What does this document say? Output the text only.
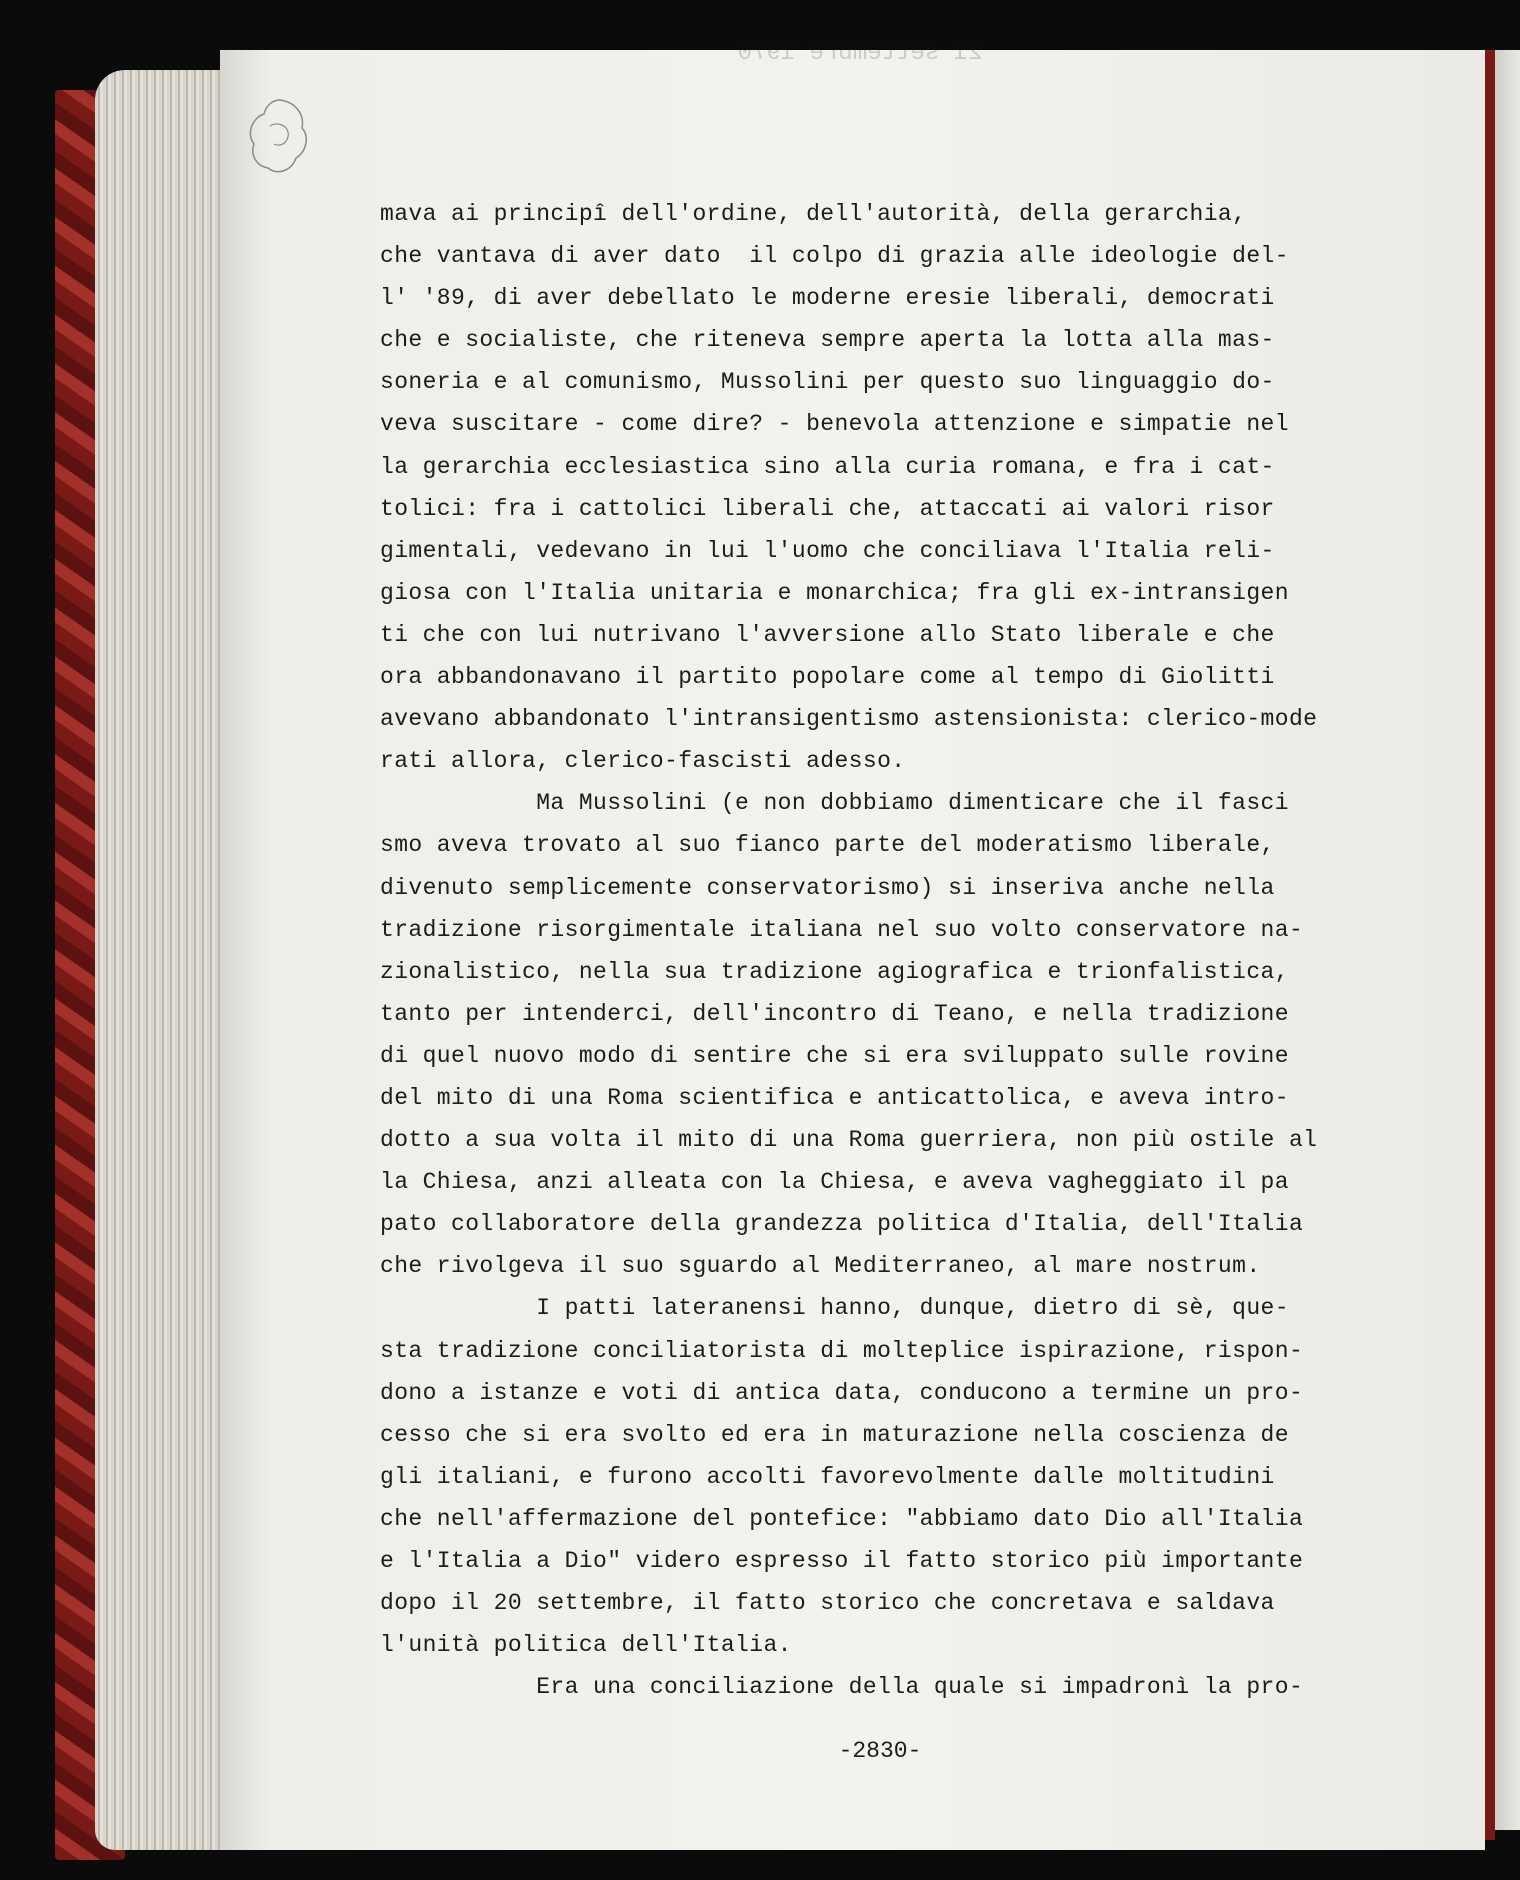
21 settembre 1970

mava ai principî dell'ordine, dell'autorità, della gerarchia,

che vantava di aver dato  il colpo di grazia alle ideologie del-

l' '89, di aver debellato le moderne eresie liberali, democrati

che e socialiste, che riteneva sempre aperta la lotta alla mas-

soneria e al comunismo, Mussolini per questo suo linguaggio do-

veva suscitare - come dire? - benevola attenzione e simpatie nel

la gerarchia ecclesiastica sino alla curia romana, e fra i cat-

tolici: fra i cattolici liberali che, attaccati ai valori risor

gimentali, vedevano in lui l'uomo che conciliava l'Italia reli-

giosa con l'Italia unitaria e monarchica; fra gli ex-intransigen

ti che con lui nutrivano l'avversione allo Stato liberale e che

ora abbandonavano il partito popolare come al tempo di Giolitti

avevano abbandonato l'intransigentismo astensionista: clerico-mode

rati allora, clerico-fascisti adesso.

Ma Mussolini (e non dobbiamo dimenticare che il fasci

smo aveva trovato al suo fianco parte del moderatismo liberale,

divenuto semplicemente conservatorismo) si inseriva anche nella

tradizione risorgimentale italiana nel suo volto conservatore na-

zionalistico, nella sua tradizione agiografica e trionfalistica,

tanto per intenderci, dell'incontro di Teano, e nella tradizione

di quel nuovo modo di sentire che si era sviluppato sulle rovine

del mito di una Roma scientifica e anticattolica, e aveva intro-

dotto a sua volta il mito di una Roma guerriera, non più ostile al

la Chiesa, anzi alleata con la Chiesa, e aveva vagheggiato il pa

pato collaboratore della grandezza politica d'Italia, dell'Italia

che rivolgeva il suo sguardo al Mediterraneo, al mare nostrum.

I patti lateranensi hanno, dunque, dietro di sè, que-

sta tradizione conciliatorista di molteplice ispirazione, rispon-

dono a istanze e voti di antica data, conducono a termine un pro-

cesso che si era svolto ed era in maturazione nella coscienza de

gli italiani, e furono accolti favorevolmente dalle moltitudini

che nell'affermazione del pontefice: "abbiamo dato Dio all'Italia

e l'Italia a Dio" videro espresso il fatto storico più importante

dopo il 20 settembre, il fatto storico che concretava e saldava

l'unità politica dell'Italia.

Era una conciliazione della quale si impadronì la pro-

-2830-
